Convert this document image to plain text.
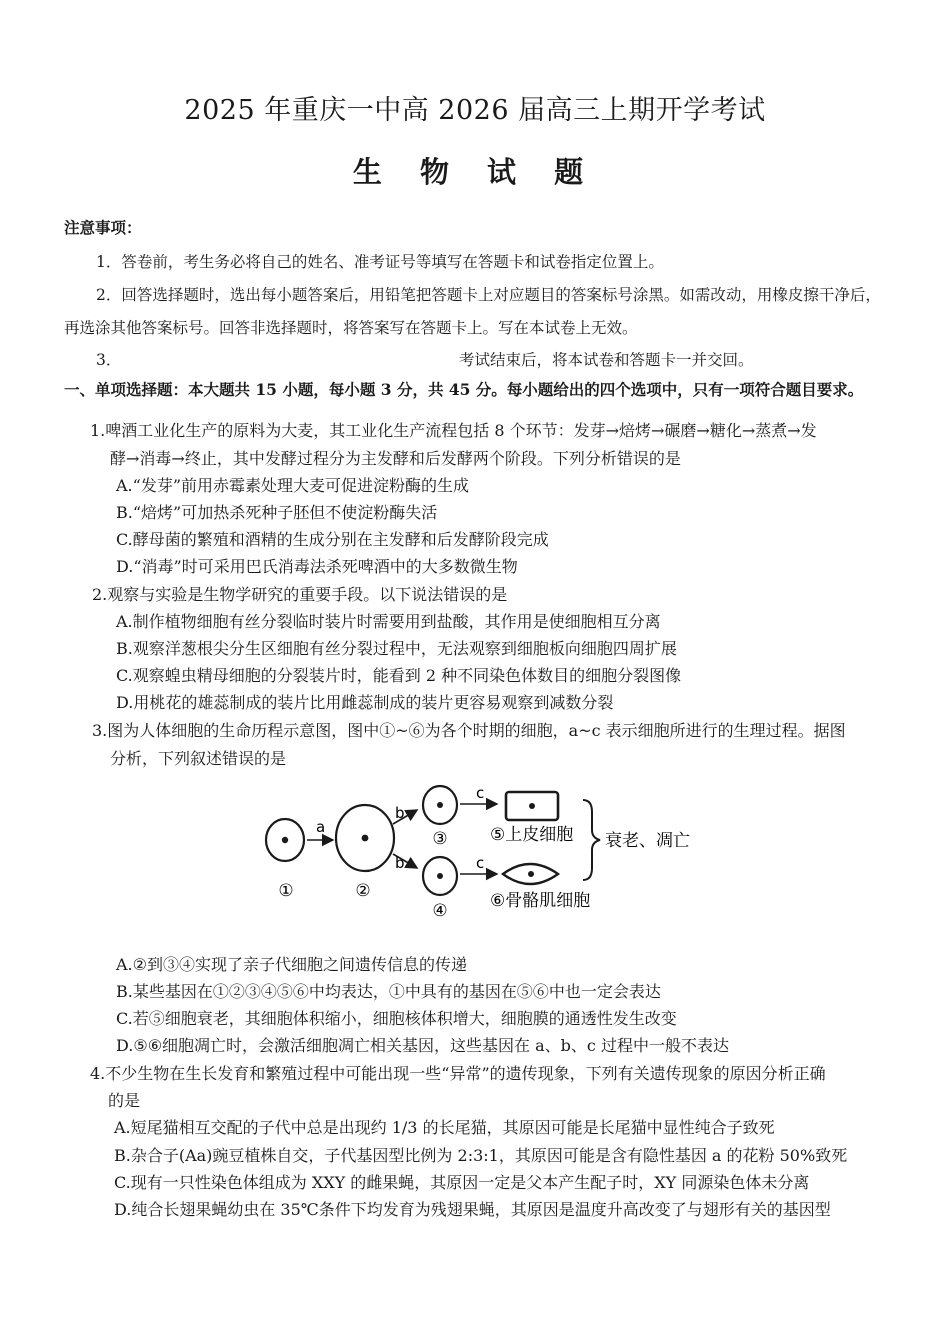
2025 年重庆一中高 2026 届高三上期开学考试
生 物 试 题
注意事项：
1．答卷前，考生务必将自己的姓名、准考证号等填写在答题卡和试卷指定位置上。
2．回答选择题时，选出每小题答案后，用铅笔把答题卡上对应题目的答案标号涂黑。如需改动，用橡皮擦干净后，
再选涂其他答案标号。回答非选择题时，将答案写在答题卡上。写在本试卷上无效。
3．	考试结束后，将本试卷和答题卡一并交回。
一、单项选择题：本大题共 15 小题，每小题 3 分，共 45 分。每小题给出的四个选项中，只有一项符合题目要求。
1.啤酒工业化生产的原料为大麦，其工业化生产流程包括 8 个环节：发芽→焙烤→碾磨→糖化→蒸煮→发
酵→消毒→终止，其中发酵过程分为主发酵和后发酵两个阶段。下列分析错误的是
A.“发芽”前用赤霉素处理大麦可促进淀粉酶的生成
B.“焙烤”可加热杀死种子胚但不使淀粉酶失活
C.酵母菌的繁殖和酒精的生成分别在主发酵和后发酵阶段完成
D.“消毒”时可采用巴氏消毒法杀死啤酒中的大多数微生物
2.观察与实验是生物学研究的重要手段。以下说法错误的是
A.制作植物细胞有丝分裂临时装片时需要用到盐酸，其作用是使细胞相互分离
B.观察洋葱根尖分生区细胞有丝分裂过程中，无法观察到细胞板向细胞四周扩展
C.观察蝗虫精母细胞的分裂装片时，能看到 2 种不同染色体数目的细胞分裂图像
D.用桃花的雄蕊制成的装片比用雌蕊制成的装片更容易观察到减数分裂
3.图为人体细胞的生命历程示意图，图中①~⑥为各个时期的细胞，a~c 表示细胞所进行的生理过程。据图
分析，下列叙述错误的是
①
a
②
b
b
③
④
c
c
⑤上皮细胞
⑥骨骼肌细胞
衰老、凋亡
A.②到③④实现了亲子代细胞之间遗传信息的传递
B.某些基因在①②③④⑤⑥中均表达，①中具有的基因在⑤⑥中也一定会表达
C.若⑤细胞衰老，其细胞体积缩小，细胞核体积增大，细胞膜的通透性发生改变
D.⑤⑥细胞凋亡时，会激活细胞凋亡相关基因，这些基因在 a、b、c 过程中一般不表达
4.不少生物在生长发育和繁殖过程中可能出现一些“异常”的遗传现象，下列有关遗传现象的原因分析正确
的是
A.短尾猫相互交配的子代中总是出现约 1/3 的长尾猫，其原因可能是长尾猫中显性纯合子致死
B.杂合子(Aa)豌豆植株自交，子代基因型比例为 2:3:1，其原因可能是含有隐性基因 a 的花粉 50%致死
C.现有一只性染色体组成为 XXY 的雌果蝇，其原因一定是父本产生配子时，XY 同源染色体未分离
D.纯合长翅果蝇幼虫在 35℃条件下均发育为残翅果蝇，其原因是温度升高改变了与翅形有关的基因型
